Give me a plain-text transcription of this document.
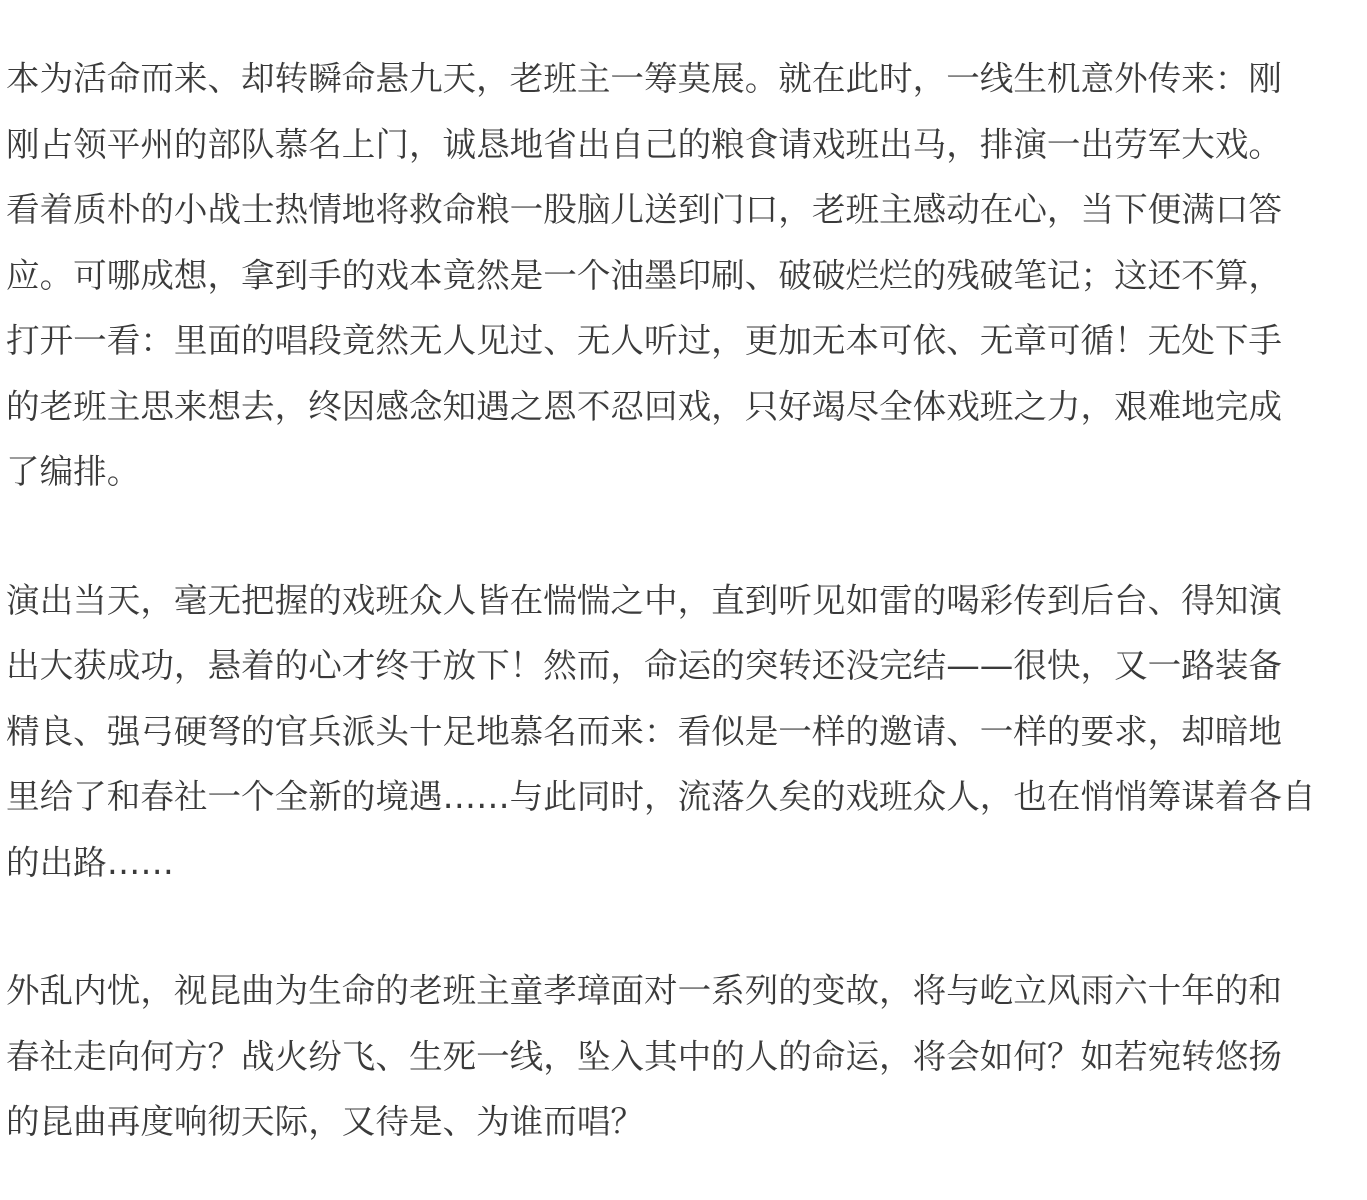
本为活命而来、却转瞬命悬九天，老班主一筹莫展。就在此时，一线生机意外传来：刚
刚占领平州的部队慕名上门，诚恳地省出自己的粮食请戏班出马，排演一出劳军大戏。
看着质朴的小战士热情地将救命粮一股脑儿送到门口，老班主感动在心，当下便满口答
应。可哪成想，拿到手的戏本竟然是一个油墨印刷、破破烂烂的残破笔记；这还不算，
打开一看：里面的唱段竟然无人见过、无人听过，更加无本可依、无章可循！无处下手
的老班主思来想去，终因感念知遇之恩不忍回戏，只好竭尽全体戏班之力，艰难地完成
了编排。

演出当天，毫无把握的戏班众人皆在惴惴之中，直到听见如雷的喝彩传到后台、得知演
出大获成功，悬着的心才终于放下！然而，命运的突转还没完结——很快，又一路装备
精良、强弓硬弩的官兵派头十足地慕名而来：看似是一样的邀请、一样的要求，却暗地
里给了和春社一个全新的境遇……与此同时，流落久矣的戏班众人，也在悄悄筹谋着各自
的出路……

外乱内忧，视昆曲为生命的老班主童孝璋面对一系列的变故，将与屹立风雨六十年的和
春社走向何方？战火纷飞、生死一线，坠入其中的人的命运，将会如何？如若宛转悠扬
的昆曲再度响彻天际，又待是、为谁而唱？
